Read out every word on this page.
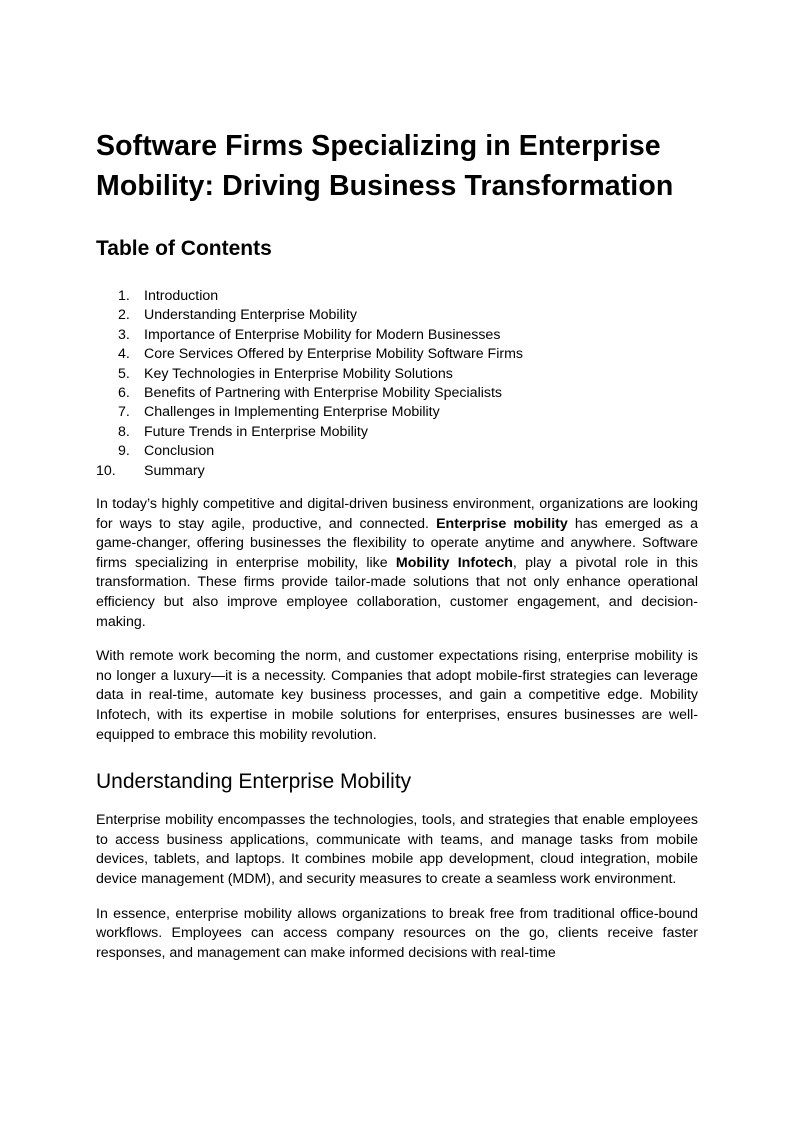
Software Firms Specializing in Enterprise Mobility: Driving Business Transformation
Table of Contents
1. Introduction
2. Understanding Enterprise Mobility
3. Importance of Enterprise Mobility for Modern Businesses
4. Core Services Offered by Enterprise Mobility Software Firms
5. Key Technologies in Enterprise Mobility Solutions
6. Benefits of Partnering with Enterprise Mobility Specialists
7. Challenges in Implementing Enterprise Mobility
8. Future Trends in Enterprise Mobility
9. Conclusion
10. Summary

In today’s highly competitive and digital-driven business environment, organizations are looking for ways to stay agile, productive, and connected. Enterprise mobility has emerged as a game-changer, offering businesses the flexibility to operate anytime and anywhere. Software firms specializing in enterprise mobility, like Mobility Infotech, play a pivotal role in this transformation. These firms provide tailor-made solutions that not only enhance operational efficiency but also improve employee collaboration, customer engagement, and decision-making.

With remote work becoming the norm, and customer expectations rising, enterprise mobility is no longer a luxury—it is a necessity. Companies that adopt mobile-first strategies can leverage data in real-time, automate key business processes, and gain a competitive edge. Mobility Infotech, with its expertise in mobile solutions for enterprises, ensures businesses are well-equipped to embrace this mobility revolution.

Understanding Enterprise Mobility

Enterprise mobility encompasses the technologies, tools, and strategies that enable employees to access business applications, communicate with teams, and manage tasks from mobile devices, tablets, and laptops. It combines mobile app development, cloud integration, mobile device management (MDM), and security measures to create a seamless work environment.

In essence, enterprise mobility allows organizations to break free from traditional office-bound workflows. Employees can access company resources on the go, clients receive faster responses, and management can make informed decisions with real-time
